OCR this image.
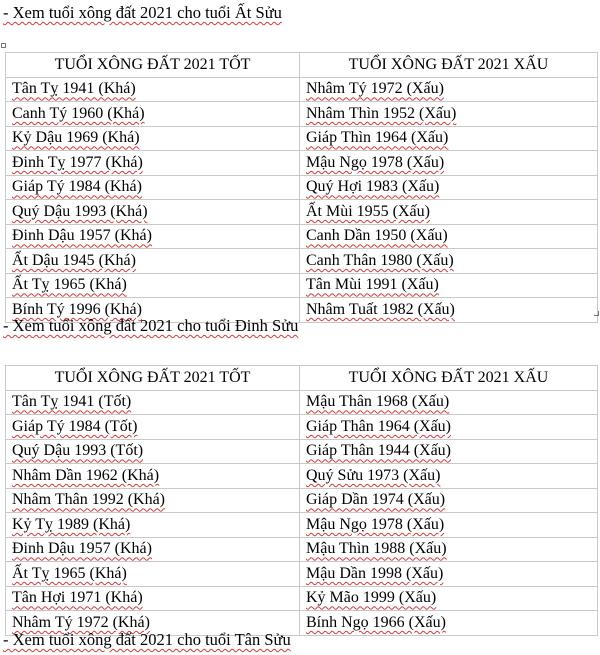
- Xem tuổi xông đất 2021 cho tuổi Ất Sửu
TUỔI XÔNG ĐẤT 2021 TỐT	TUỔI XÔNG ĐẤT 2021 XẤU
Tân Tỵ 1941 (Khá)	Nhâm Tý 1972 (Xấu)
Canh Tý 1960 (Khá)	Nhâm Thìn 1952 (Xấu)
Kỷ Dậu 1969 (Khá)	Giáp Thìn 1964 (Xấu)
Đinh Tỵ 1977 (Khá)	Mậu Ngọ 1978 (Xấu)
Giáp Tý 1984 (Khá)	Quý Hợi 1983 (Xấu)
Quý Dậu 1993 (Khá)	Ất Mùi 1955 (Xấu)
Đinh Dậu 1957 (Khá)	Canh Dần 1950 (Xấu)
Ất Dậu 1945 (Khá)	Canh Thân 1980 (Xấu)
Ất Tỵ 1965 (Khá)	Tân Mùi 1991 (Xấu)
Bính Tý 1996 (Khá)	Nhâm Tuất 1982 (Xấu)
- Xem tuổi xông đất 2021 cho tuổi Đinh Sửu
TUỔI XÔNG ĐẤT 2021 TỐT	TUỔI XÔNG ĐẤT 2021 XẤU
Tân Tỵ 1941 (Tốt)	Mậu Thân 1968 (Xấu)
Giáp Tý 1984 (Tốt)	Giáp Thân 1964 (Xấu)
Quý Dậu 1993 (Tốt)	Giáp Thân 1944 (Xấu)
Nhâm Dần 1962 (Khá)	Quý Sửu 1973 (Xấu)
Nhâm Thân 1992 (Khá)	Giáp Dần 1974 (Xấu)
Kỷ Tỵ 1989 (Khá)	Mậu Ngọ 1978 (Xấu)
Đinh Dậu 1957 (Khá)	Mậu Thìn 1988 (Xấu)
Ất Tỵ 1965 (Khá)	Mậu Dần 1998 (Xấu)
Tân Hợi 1971 (Khá)	Kỷ Mão 1999 (Xấu)
Nhâm Tý 1972 (Khá)	Bính Ngọ 1966 (Xấu)
- Xem tuổi xông đất 2021 cho tuổi Tân Sửu
